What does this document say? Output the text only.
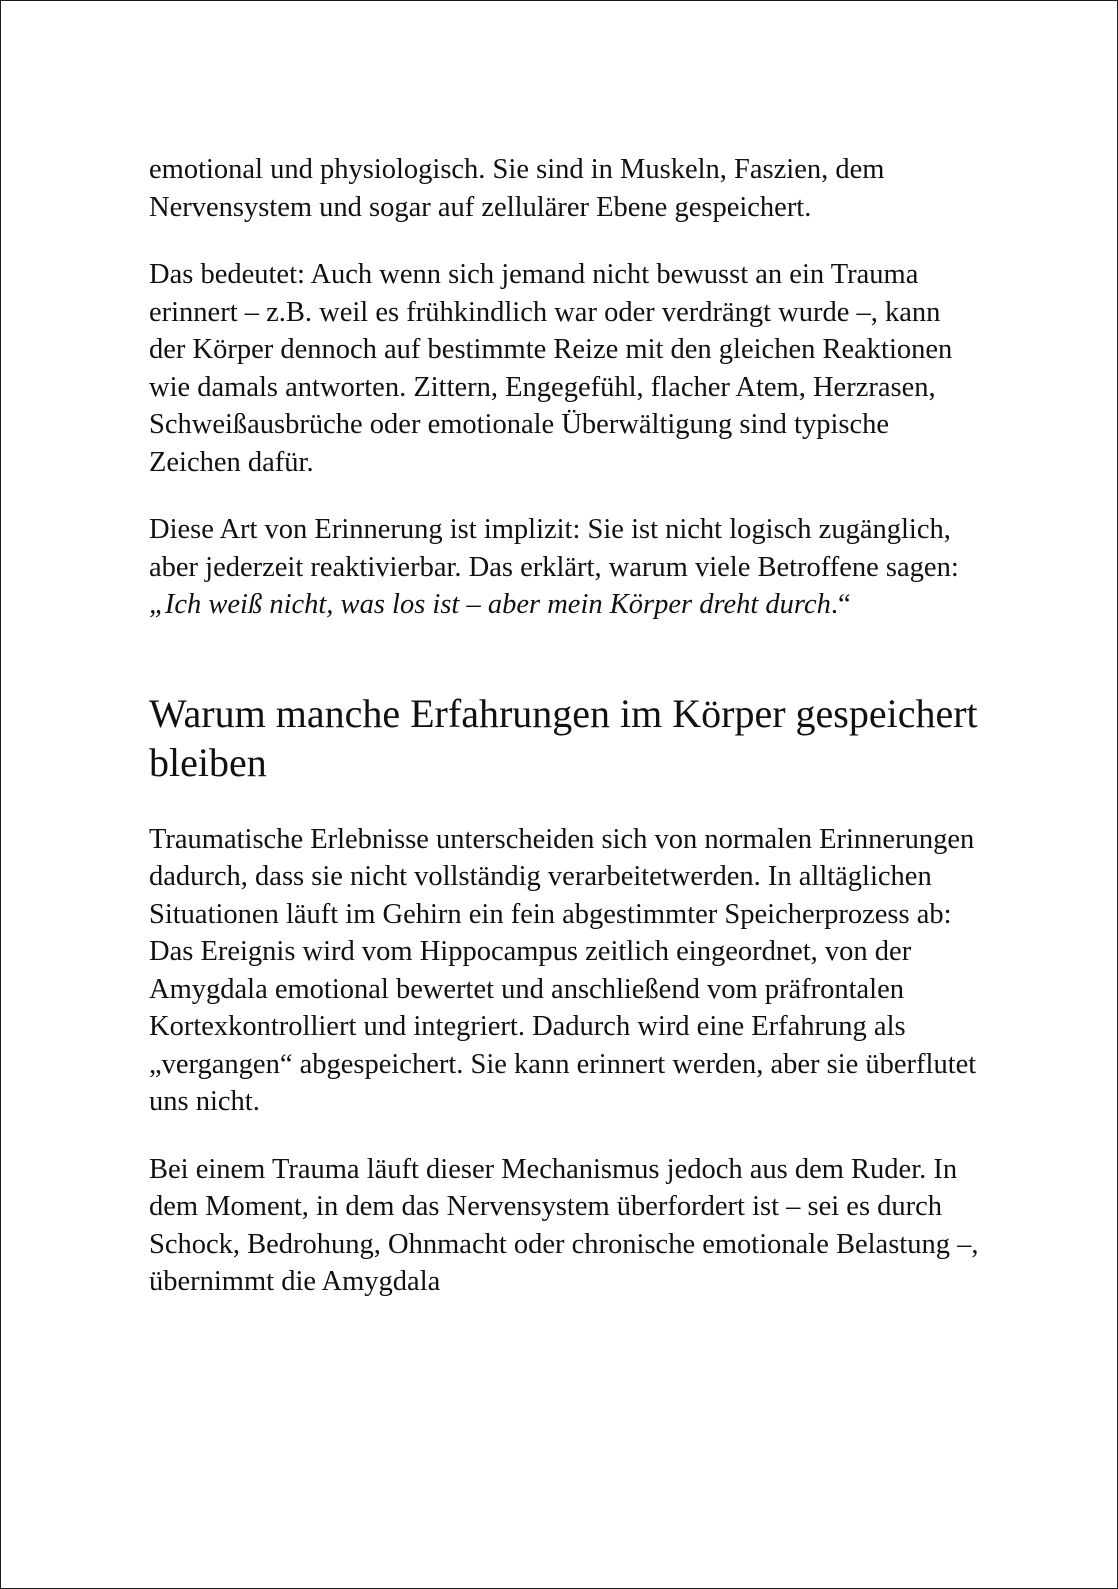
emotional und physiologisch. Sie sind in Muskeln, Faszien, dem Nervensystem und sogar auf zellulärer Ebene gespeichert.

Das bedeutet: Auch wenn sich jemand nicht bewusst an ein Trauma erinnert – z.B. weil es frühkindlich war oder verdrängt wurde –, kann der Körper dennoch auf bestimmte Reize mit den gleichen Reaktionen wie damals antworten. Zittern, Engegefühl, flacher Atem, Herzrasen, Schweißausbrüche oder emotionale Überwältigung sind typische Zeichen dafür.

Diese Art von Erinnerung ist implizit: Sie ist nicht logisch zugänglich, aber jederzeit reaktivierbar. Das erklärt, warum viele Betroffene sagen:

„Ich weiß nicht, was los ist – aber mein Körper dreht durch.“

Warum manche Erfahrungen im Körper gespeichert bleiben

Traumatische Erlebnisse unterscheiden sich von normalen Erinnerungen dadurch, dass sie nicht vollständig verarbeitetwerden. In alltäglichen Situationen läuft im Gehirn ein fein abgestimmter Speicherprozess ab: Das Ereignis wird vom Hippocampus zeitlich eingeordnet, von der Amygdala emotional bewertet und anschließend vom präfrontalen Kortexkontrolliert und integriert. Dadurch wird eine Erfahrung als „vergangen“ abgespeichert. Sie kann erinnert werden, aber sie überflutet uns nicht.

Bei einem Trauma läuft dieser Mechanismus jedoch aus dem Ruder. In dem Moment, in dem das Nervensystem überfordert ist – sei es durch Schock, Bedrohung, Ohnmacht oder chronische emotionale Belastung –, übernimmt die Amygdala
